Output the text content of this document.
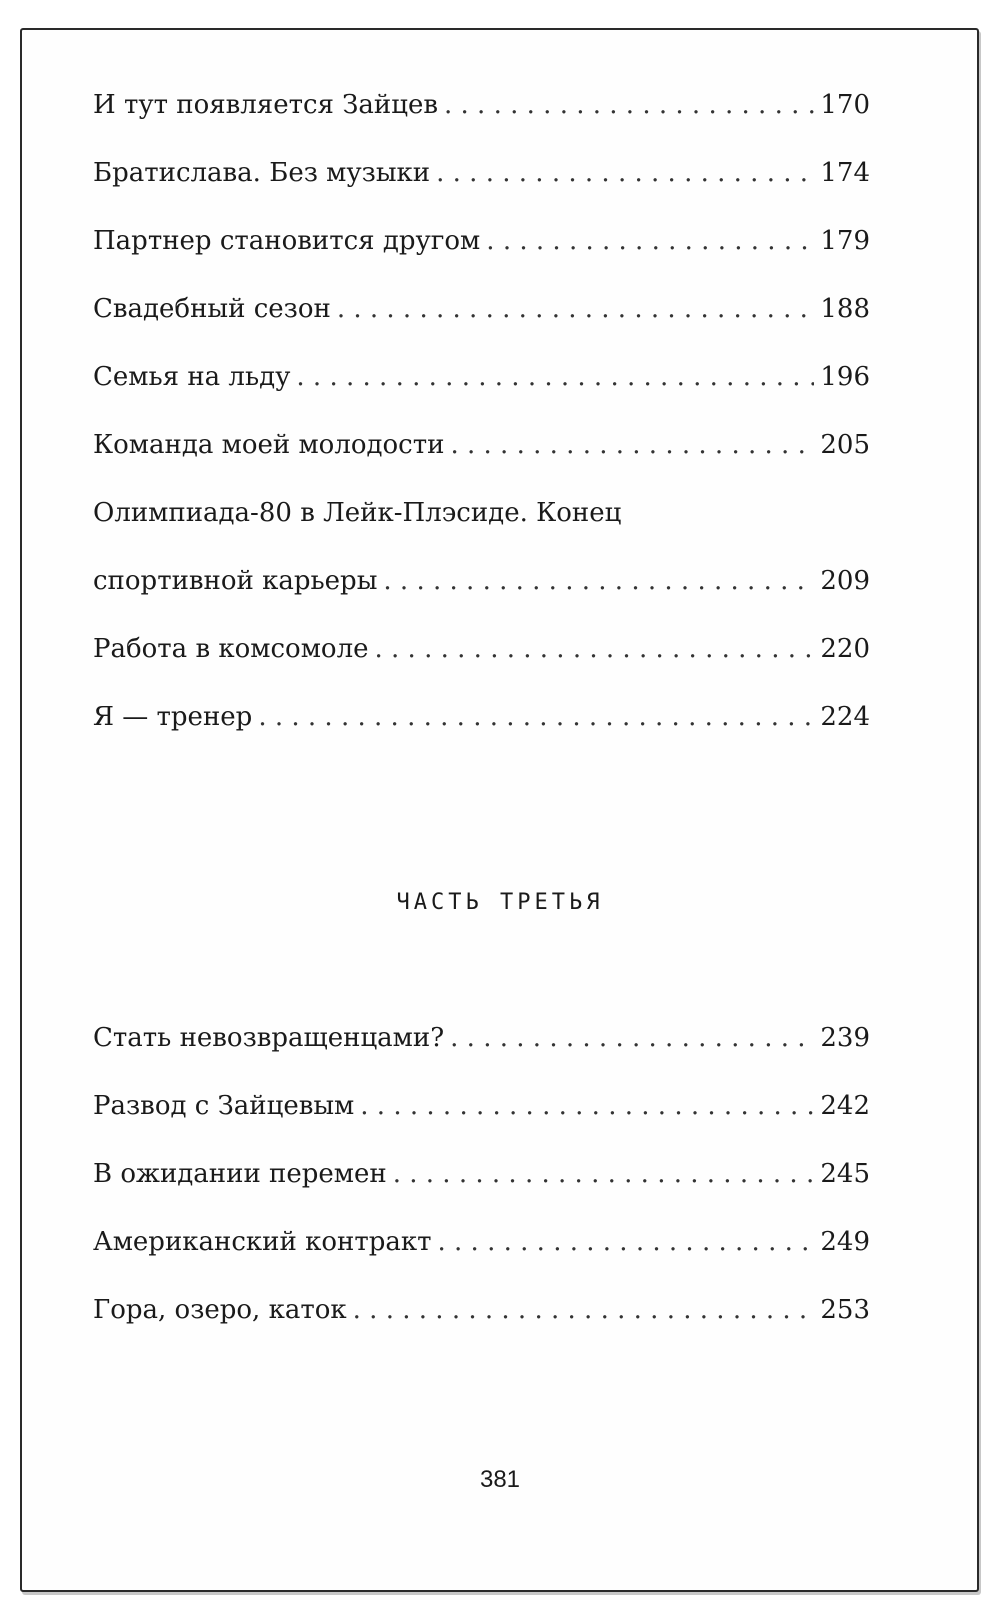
И тут появляется Зайцев . . .	170
Братислава. Без музыки . . .	174
Партнер становится другом . . .	179
Свадебный сезон . . .	188
Семья на льду . . .	196
Команда моей молодости . . .	205
Олимпиада-80 в Лейк-Плэсиде. Конец
спортивной карьеры . . .	209
Работа в комсомоле . . .	220
Я — тренер . . .	224
ЧАСТЬ ТРЕТЬЯ
Стать невозвращенцами? . . .	239
Развод с Зайцевым . . .	242
В ожидании перемен . . .	245
Американский контракт . . .	249
Гора, озеро, каток . . .	253
381
